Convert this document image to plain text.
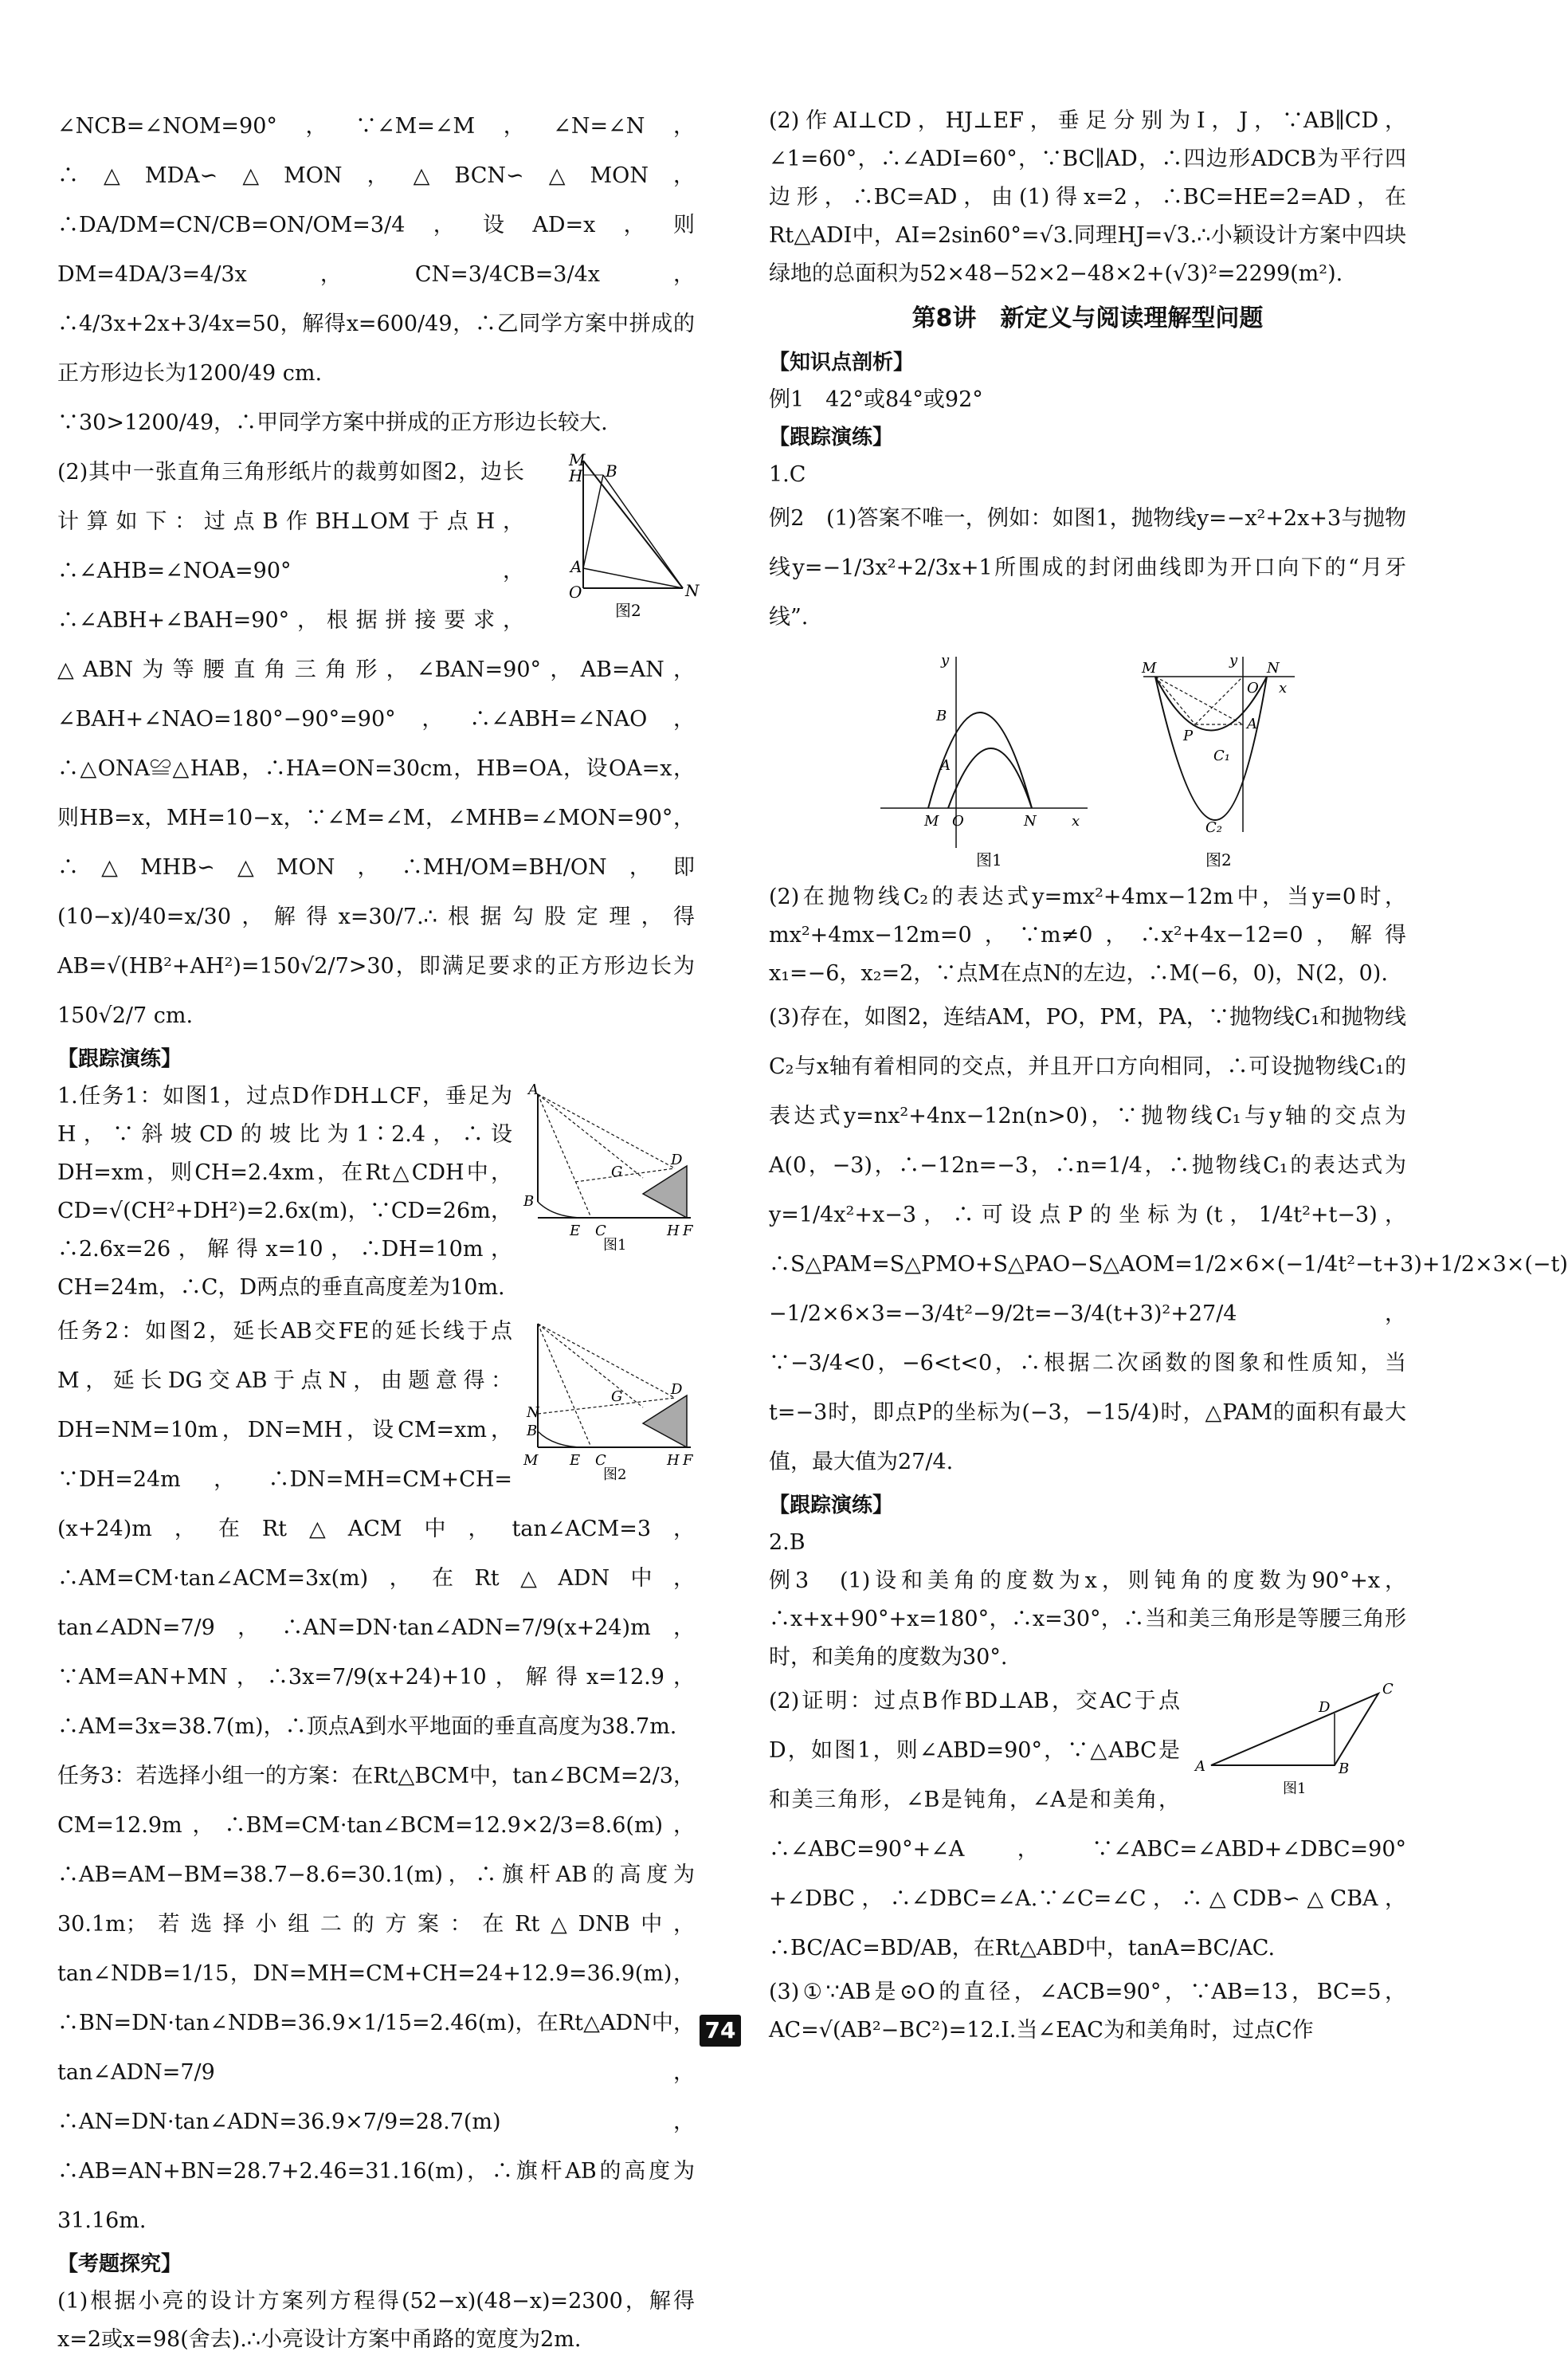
∠NCB=∠NOM=90°，∵∠M=∠M，∠N=∠N，∴△MDA∽△MON，△BCN∽△MON，∴DA/DM=CN/CB=ON/OM=3/4，设AD=x，则DM=4DA/3=4/3x，CN=3/4CB=3/4x，∴4/3x+2x+3/4x=50，解得x=600/49，∴乙同学方案中拼成的正方形边长为1200/49 cm.

∵30>1200/49，∴甲同学方案中拼成的正方形边长较大.

M
H B
A
O	N
图2

(2)其中一张直角三角形纸片的裁剪如图2，边长计算如下：过点B作BH⊥OM于点H，∴∠AHB=∠NOA=90°，∴∠ABH+∠BAH=90°，根据拼接要求，△ABN为等腰直角三角形，∠BAN=90°，AB=AN，∠BAH+∠NAO=180°−90°=90°，∴∠ABH=∠NAO，∴△ONA≌△HAB，∴HA=ON=30cm，HB=OA，设OA=x，则HB=x，MH=10−x，∵∠M=∠M，∠MHB=∠MON=90°，∴△MHB∽△MON，∴MH/OM=BH/ON，即(10−x)/40=x/30，解得x=30/7.∴根据勾股定理，得AB=√(HB²+AH²)=150√2/7>30，即满足要求的正方形边长为150√2/7 cm.

【跟踪演练】

A
B
G
D
E C	H F
图1

1.任务1：如图1，过点D作DH⊥CF，垂足为H，∵斜坡CD的坡比为1∶2.4，∴设DH=xm，则CH=2.4xm，在Rt△CDH中，CD=√(CH²+DH²)=2.6x(m)，∵CD=26m，∴2.6x=26，解得x=10，∴DH=10m，CH=24m，∴C，D两点的垂直高度差为10m.

N
B
G	D
M E C	H F
图2

任务2：如图2，延长AB交FE的延长线于点M，延长DG交AB于点N，由题意得：DH=NM=10m，DN=MH，设CM=xm，∵DH=24m，∴DN=MH=CM+CH=(x+24)m，在Rt△ACM中，tan∠ACM=3，∴AM=CM·tan∠ACM=3x(m)，在Rt△ADN中，tan∠ADN=7/9，∴AN=DN·tan∠ADN=7/9(x+24)m，∵AM=AN+MN，∴3x=7/9(x+24)+10，解得x=12.9，∴AM=3x=38.7(m)，∴顶点A到水平地面的垂直高度为38.7m.

任务3：若选择小组一的方案：在Rt△BCM中，tan∠BCM=2/3，CM=12.9m，∴BM=CM·tan∠BCM=12.9×2/3=8.6(m)，∴AB=AM−BM=38.7−8.6=30.1(m)，∴旗杆AB的高度为30.1m；若选择小组二的方案：在Rt△DNB中，tan∠NDB=1/15，DN=MH=CM+CH=24+12.9=36.9(m)，∴BN=DN·tan∠NDB=36.9×1/15=2.46(m)，在Rt△ADN中，tan∠ADN=7/9，∴AN=DN·tan∠ADN=36.9×7/9=28.7(m)，∴AB=AN+BN=28.7+2.46=31.16(m)，∴旗杆AB的高度为31.16m.

【考题探究】

(1)根据小亮的设计方案列方程得(52−x)(48−x)=2300，解得x=2或x=98(舍去).∴小亮设计方案中甬路的宽度为2m.

(2)作AI⊥CD，HJ⊥EF，垂足分别为I，J，∵AB∥CD，∠1=60°，∴∠ADI=60°，∵BC∥AD，∴四边形ADCB为平行四边形，∴BC=AD，由(1)得x=2，∴BC=HE=2=AD，在Rt△ADI中，AI=2sin60°=√3.同理HJ=√3.∴小颖设计方案中四块绿地的总面积为52×48−52×2−48×2+(√3)²=2299(m²).

第8讲　新定义与阅读理解型问题

【知识点剖析】

例1　42°或84°或92°

【跟踪演练】

1.C

例2　(1)答案不唯一，例如：如图1，抛物线y=−x²+2x+3与抛物线y=−1/3x²+2/3x+1所围成的封闭曲线即为开口向下的“月牙线”.

y
B
A
M O	N x
图1
M	y
O
N
x
P
A
C₁
C₂
图2

(2)在抛物线C₂的表达式y=mx²+4mx−12m中，当y=0时，mx²+4mx−12m=0，∵m≠0，∴x²+4x−12=0，解得x₁=−6，x₂=2，∵点M在点N的左边，∴M(−6，0)，N(2，0).

(3)存在，如图2，连结AM，PO，PM，PA，∵抛物线C₁和抛物线C₂与x轴有着相同的交点，并且开口方向相同，∴可设抛物线C₁的表达式y=nx²+4nx−12n(n>0)，∵抛物线C₁与y轴的交点为A(0，−3)，∴−12n=−3，∴n=1/4，∴抛物线C₁的表达式为y=1/4x²+x−3，∴可设点P的坐标为(t，1/4t²+t−3)，∴S△PAM=S△PMO+S△PAO−S△AOM=1/2×6×(−1/4t²−t+3)+1/2×3×(−t)−1/2×6×3=−3/4t²−9/2t=−3/4(t+3)²+27/4，∵−3/4<0，−6<t<0，∴根据二次函数的图象和性质知，当t=−3时，即点P的坐标为(−3，−15/4)时，△PAM的面积有最大值，最大值为27/4.

【跟踪演练】

2.B

例3　(1)设和美角的度数为x，则钝角的度数为90°+x，∴x+x+90°+x=180°，∴x=30°，∴当和美三角形是等腰三角形时，和美角的度数为30°.

A	B
C
D
图1

(2)证明：过点B作BD⊥AB，交AC于点D，如图1，则∠ABD=90°，∵△ABC是和美三角形，∠B是钝角，∠A是和美角，∴∠ABC=90°+∠A，∵∠ABC=∠ABD+∠DBC=90°+∠DBC，∴∠DBC=∠A.∵∠C=∠C，∴△CDB∽△CBA，∴BC/AC=BD/AB，在Rt△ABD中，tanA=BC/AC.

(3)①∵AB是⊙O的直径，∠ACB=90°，∵AB=13，BC=5，AC=√(AB²−BC²)=12.Ⅰ.当∠EAC为和美角时，过点C作

74
